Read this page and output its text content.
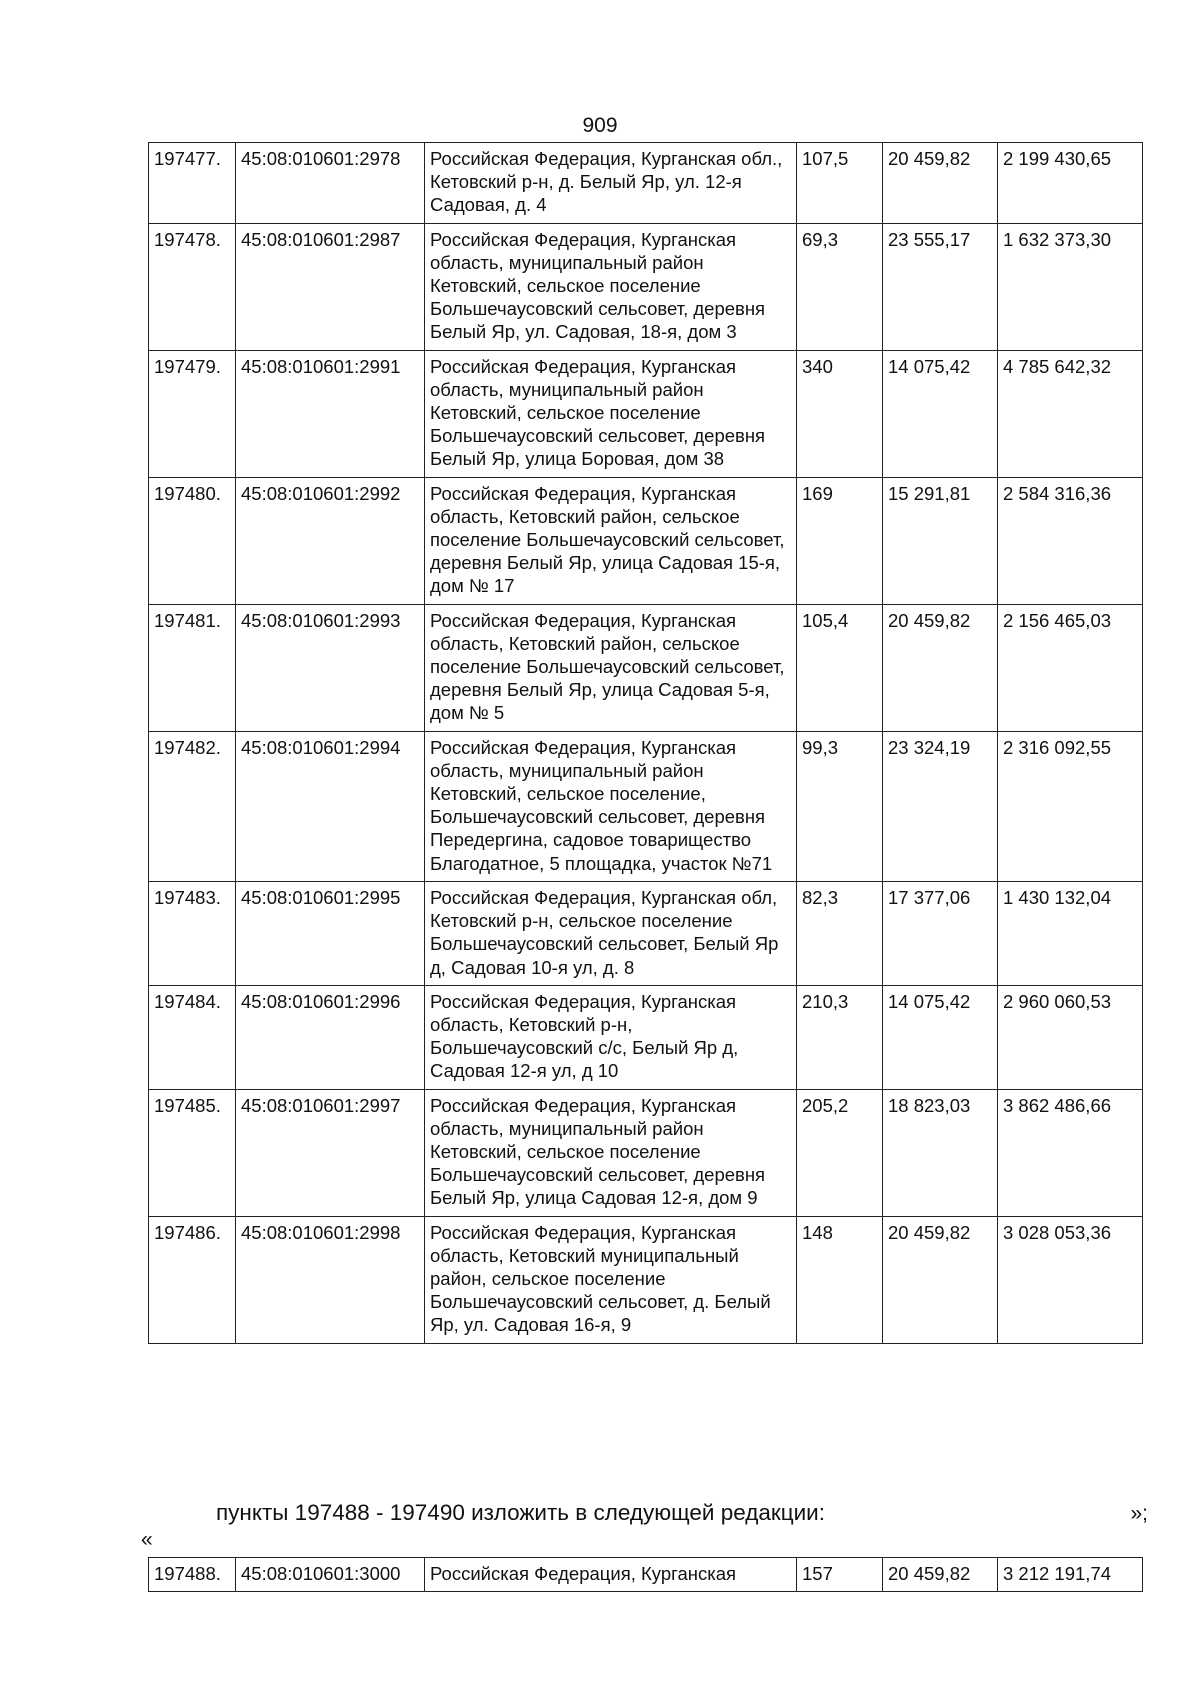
909
197477.	45:08:010601:2978	Российская Федерация, Курганская обл., Кетовский р-н, д. Белый Яр, ул. 12-я Садовая, д. 4	107,5	20 459,82	2 199 430,65
197478.	45:08:010601:2987	Российская Федерация, Курганская область, муниципальный район Кетовский, сельское поселение Большечаусовский сельсовет, деревня Белый Яр, ул. Садовая, 18-я, дом 3	69,3	23 555,17	1 632 373,30
197479.	45:08:010601:2991	Российская Федерация, Курганская область, муниципальный район Кетовский, сельское поселение Большечаусовский сельсовет, деревня Белый Яр, улица Боровая, дом 38	340	14 075,42	4 785 642,32
197480.	45:08:010601:2992	Российская Федерация, Курганская область, Кетовский район, сельское поселение Большечаусовский сельсовет, деревня Белый Яр, улица Садовая 15-я, дом № 17	169	15 291,81	2 584 316,36
197481.	45:08:010601:2993	Российская Федерация, Курганская область, Кетовский район, сельское поселение Большечаусовский сельсовет, деревня Белый Яр, улица Садовая 5-я, дом № 5	105,4	20 459,82	2 156 465,03
197482.	45:08:010601:2994	Российская Федерация, Курганская область, муниципальный район Кетовский, сельское поселение, Большечаусовский сельсовет, деревня Передергина, садовое товарищество Благодатное, 5 площадка, участок №71	99,3	23 324,19	2 316 092,55
197483.	45:08:010601:2995	Российская Федерация, Курганская обл, Кетовский р-н, сельское поселение Большечаусовский сельсовет, Белый Яр д, Садовая 10-я ул, д. 8	82,3	17 377,06	1 430 132,04
197484.	45:08:010601:2996	Российская Федерация, Курганская область, Кетовский р-н, Большечаусовский с/с, Белый Яр д, Садовая 12-я ул, д 10	210,3	14 075,42	2 960 060,53
197485.	45:08:010601:2997	Российская Федерация, Курганская область, муниципальный район Кетовский, сельское поселение Большечаусовский сельсовет, деревня Белый Яр, улица Садовая 12-я, дом 9	205,2	18 823,03	3 862 486,66
197486.	45:08:010601:2998	Российская Федерация, Курганская область, Кетовский муниципальный район, сельское поселение Большечаусовский сельсовет, д. Белый Яр, ул. Садовая 16-я, 9	148	20 459,82	3 028 053,36
»;
пункты 197488 - 197490 изложить в следующей редакции:
«
197488.	45:08:010601:3000	Российская Федерация, Курганская	157	20 459,82	3 212 191,74
